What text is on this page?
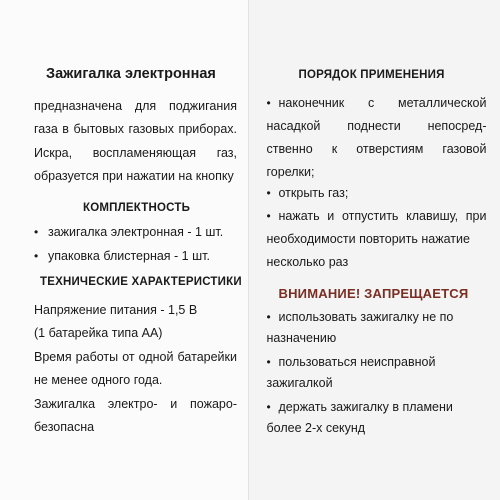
Зажигалка электронная
предназначена для поджигания
газа в бытовых газовых приборах.
Искра, воспламеняющая газ,
образуется при нажатии на кнопку
КОМПЛЕКТНОСТЬ
• зажигалка электронная - 1 шт.
• упаковка блистерная - 1 шт.
ТЕХНИЧЕСКИЕ ХАРАКТЕРИСТИКИ
Напряжение питания - 1,5 В
(1 батарейка типа АА)
Время работы от одной батарейки
не менее одного года.
Зажигалка электро- и пожаро-
безопасна
ПОРЯДОК ПРИМЕНЕНИЯ
• наконечник с металлической
насадкой поднести непосред-
ственно к отверстиям газовой
горелки;
• открыть газ;
• нажать и отпустить клавишу, при
необходимости повторить нажатие
несколько раз
ВНИМАНИЕ! ЗАПРЕЩАЕТСЯ
• использовать зажигалку не по
назначению
• пользоваться неисправной
зажигалкой
• держать зажигалку в пламени
более 2-х секунд
